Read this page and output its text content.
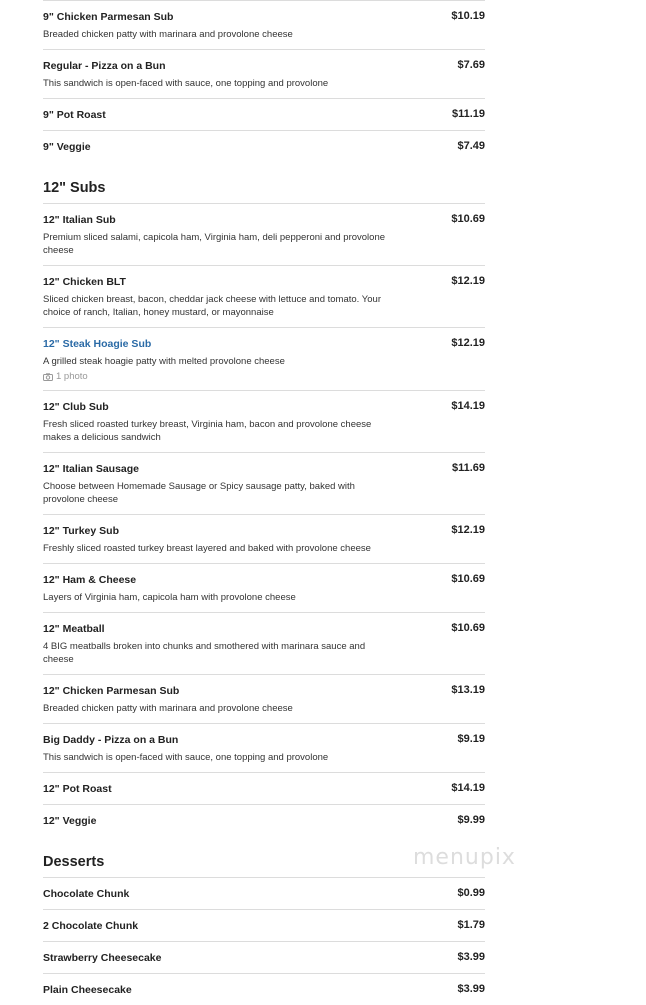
9" Chicken Parmesan Sub	$10.19
Breaded chicken patty with marinara and provolone cheese
Regular - Pizza on a Bun	$7.69
This sandwich is open-faced with sauce, one topping and provolone
9" Pot Roast	$11.19
9" Veggie	$7.49
12" Subs
12" Italian Sub	$10.69
Premium sliced salami, capicola ham, Virginia ham, deli pepperoni and provolone cheese
12" Chicken BLT	$12.19
Sliced chicken breast, bacon, cheddar jack cheese with lettuce and tomato. Your choice of ranch, Italian, honey mustard, or mayonnaise
12" Steak Hoagie Sub	$12.19
A grilled steak hoagie patty with melted provolone cheese
1 photo
12" Club Sub	$14.19
Fresh sliced roasted turkey breast, Virginia ham, bacon and provolone cheese makes a delicious sandwich
12" Italian Sausage	$11.69
Choose between Homemade Sausage or Spicy sausage patty, baked with provolone cheese
12" Turkey Sub	$12.19
Freshly sliced roasted turkey breast layered and baked with provolone cheese
12" Ham & Cheese	$10.69
Layers of Virginia ham, capicola ham with provolone cheese
12" Meatball	$10.69
4 BIG meatballs broken into chunks and smothered with marinara sauce and cheese
12" Chicken Parmesan Sub	$13.19
Breaded chicken patty with marinara and provolone cheese
Big Daddy - Pizza on a Bun	$9.19
This sandwich is open-faced with sauce, one topping and provolone
12" Pot Roast	$14.19
12" Veggie	$9.99
Desserts
Chocolate Chunk	$0.99
2 Chocolate Chunk	$1.79
Strawberry Cheesecake	$3.99
Plain Cheesecake	$3.99
menupix
